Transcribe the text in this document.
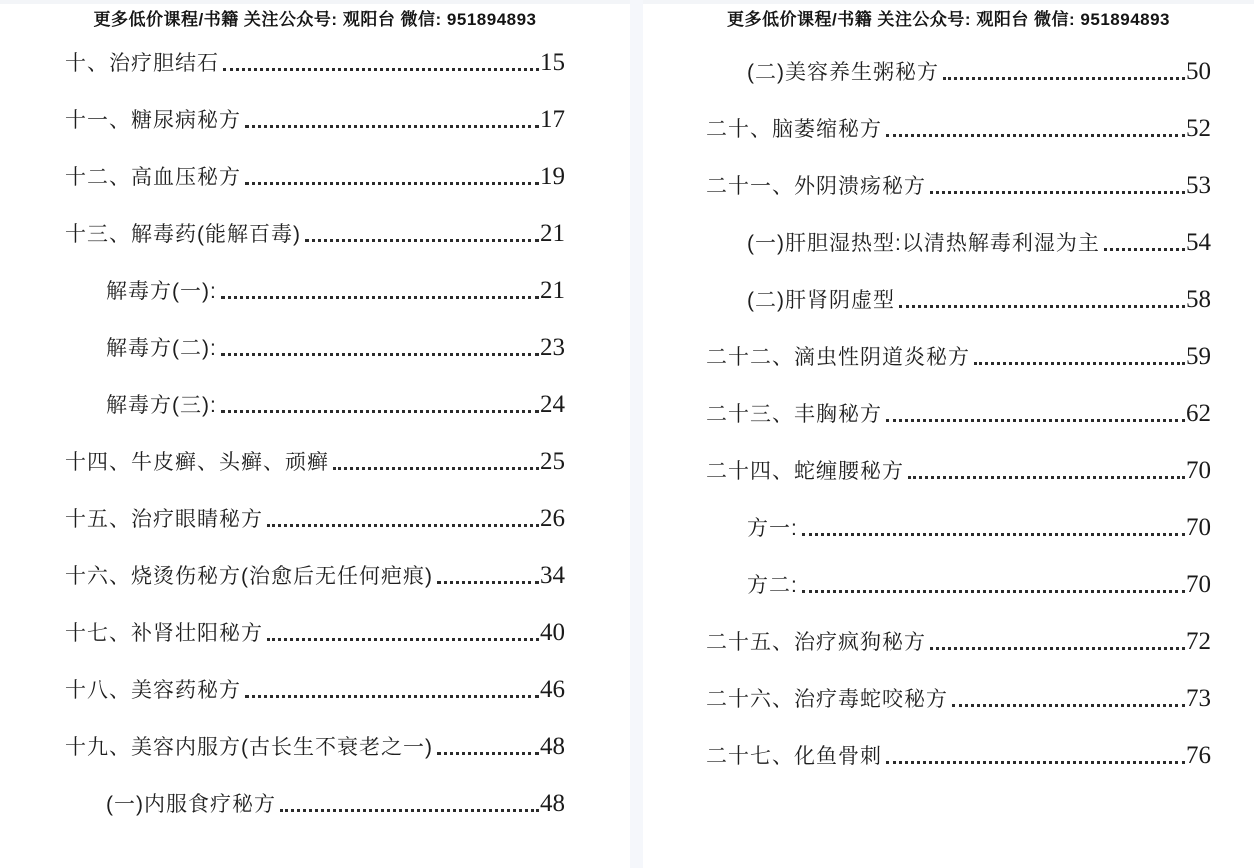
更多低价课程/书籍 关注公众号: 观阳台 微信: 951894893
十、治疗胆结石	15
十一、糖尿病秘方	17
十二、高血压秘方	19
十三、解毒药(能解百毒)	21
解毒方(一):	21
解毒方(二):	23
解毒方(三):	24
十四、牛皮癣、头癣、顽癣	25
十五、治疗眼睛秘方	26
十六、烧烫伤秘方(治愈后无任何疤痕)	34
十七、补肾壮阳秘方	40
十八、美容药秘方	46
十九、美容内服方(古长生不衰老之一)	48
(一)内服食疗秘方	48
更多低价课程/书籍 关注公众号: 观阳台 微信: 951894893
(二)美容养生粥秘方	50
二十、脑萎缩秘方	52
二十一、外阴溃疡秘方	53
(一)肝胆湿热型:以清热解毒利湿为主	54
(二)肝肾阴虚型	58
二十二、滴虫性阴道炎秘方	59
二十三、丰胸秘方	62
二十四、蛇缠腰秘方	70
方一:	70
方二:	70
二十五、治疗疯狗秘方	72
二十六、治疗毒蛇咬秘方	73
二十七、化鱼骨刺	76
